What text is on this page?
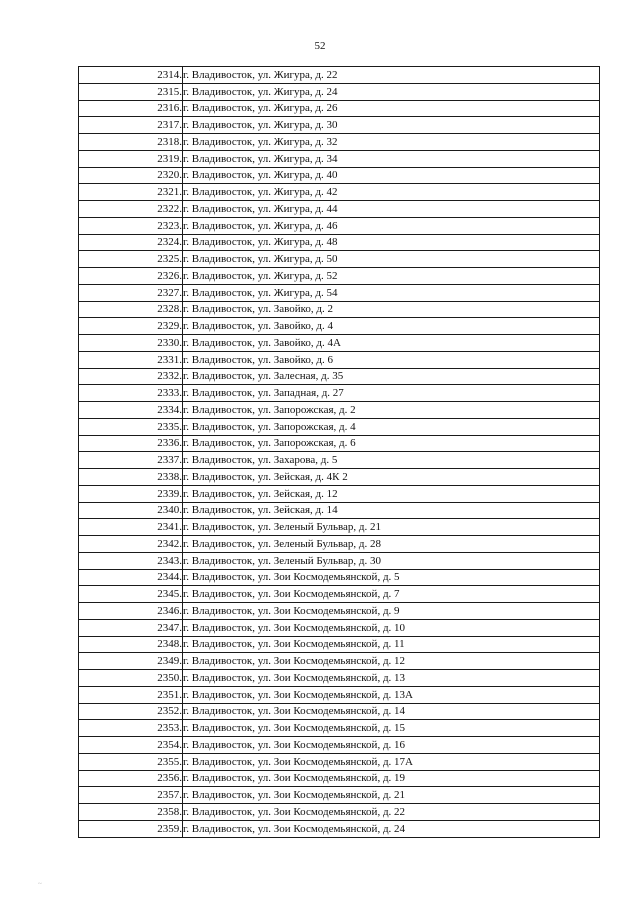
52
2314.	г. Владивосток, ул. Жигура, д. 22
2315.	г. Владивосток, ул. Жигура, д. 24
2316.	г. Владивосток, ул. Жигура, д. 26
2317.	г. Владивосток, ул. Жигура, д. 30
2318.	г. Владивосток, ул. Жигура, д. 32
2319.	г. Владивосток, ул. Жигура, д. 34
2320.	г. Владивосток, ул. Жигура, д. 40
2321.	г. Владивосток, ул. Жигура, д. 42
2322.	г. Владивосток, ул. Жигура, д. 44
2323.	г. Владивосток, ул. Жигура, д. 46
2324.	г. Владивосток, ул. Жигура, д. 48
2325.	г. Владивосток, ул. Жигура, д. 50
2326.	г. Владивосток, ул. Жигура, д. 52
2327.	г. Владивосток, ул. Жигура, д. 54
2328.	г. Владивосток, ул. Завойко, д. 2
2329.	г. Владивосток, ул. Завойко, д. 4
2330.	г. Владивосток, ул. Завойко, д. 4А
2331.	г. Владивосток, ул. Завойко, д. 6
2332.	г. Владивосток, ул. Залесная, д. 35
2333.	г. Владивосток, ул. Западная, д. 27
2334.	г. Владивосток, ул. Запорожская, д. 2
2335.	г. Владивосток, ул. Запорожская, д. 4
2336.	г. Владивосток, ул. Запорожская, д. 6
2337.	г. Владивосток, ул. Захарова, д. 5
2338.	г. Владивосток, ул. Зейская, д. 4К 2
2339.	г. Владивосток, ул. Зейская, д. 12
2340.	г. Владивосток, ул. Зейская, д. 14
2341.	г. Владивосток, ул. Зеленый Бульвар, д. 21
2342.	г. Владивосток, ул. Зеленый Бульвар, д. 28
2343.	г. Владивосток, ул. Зеленый Бульвар, д. 30
2344.	г. Владивосток, ул. Зои Космодемьянской, д. 5
2345.	г. Владивосток, ул. Зои Космодемьянской, д. 7
2346.	г. Владивосток, ул. Зои Космодемьянской, д. 9
2347.	г. Владивосток, ул. Зои Космодемьянской, д. 10
2348.	г. Владивосток, ул. Зои Космодемьянской, д. 11
2349.	г. Владивосток, ул. Зои Космодемьянской, д. 12
2350.	г. Владивосток, ул. Зои Космодемьянской, д. 13
2351.	г. Владивосток, ул. Зои Космодемьянской, д. 13А
2352.	г. Владивосток, ул. Зои Космодемьянской, д. 14
2353.	г. Владивосток, ул. Зои Космодемьянской, д. 15
2354.	г. Владивосток, ул. Зои Космодемьянской, д. 16
2355.	г. Владивосток, ул. Зои Космодемьянской, д. 17А
2356.	г. Владивосток, ул. Зои Космодемьянской, д. 19
2357.	г. Владивосток, ул. Зои Космодемьянской, д. 21
2358.	г. Владивосток, ул. Зои Космодемьянской, д. 22
2359.	г. Владивосток, ул. Зои Космодемьянской, д. 24
~
